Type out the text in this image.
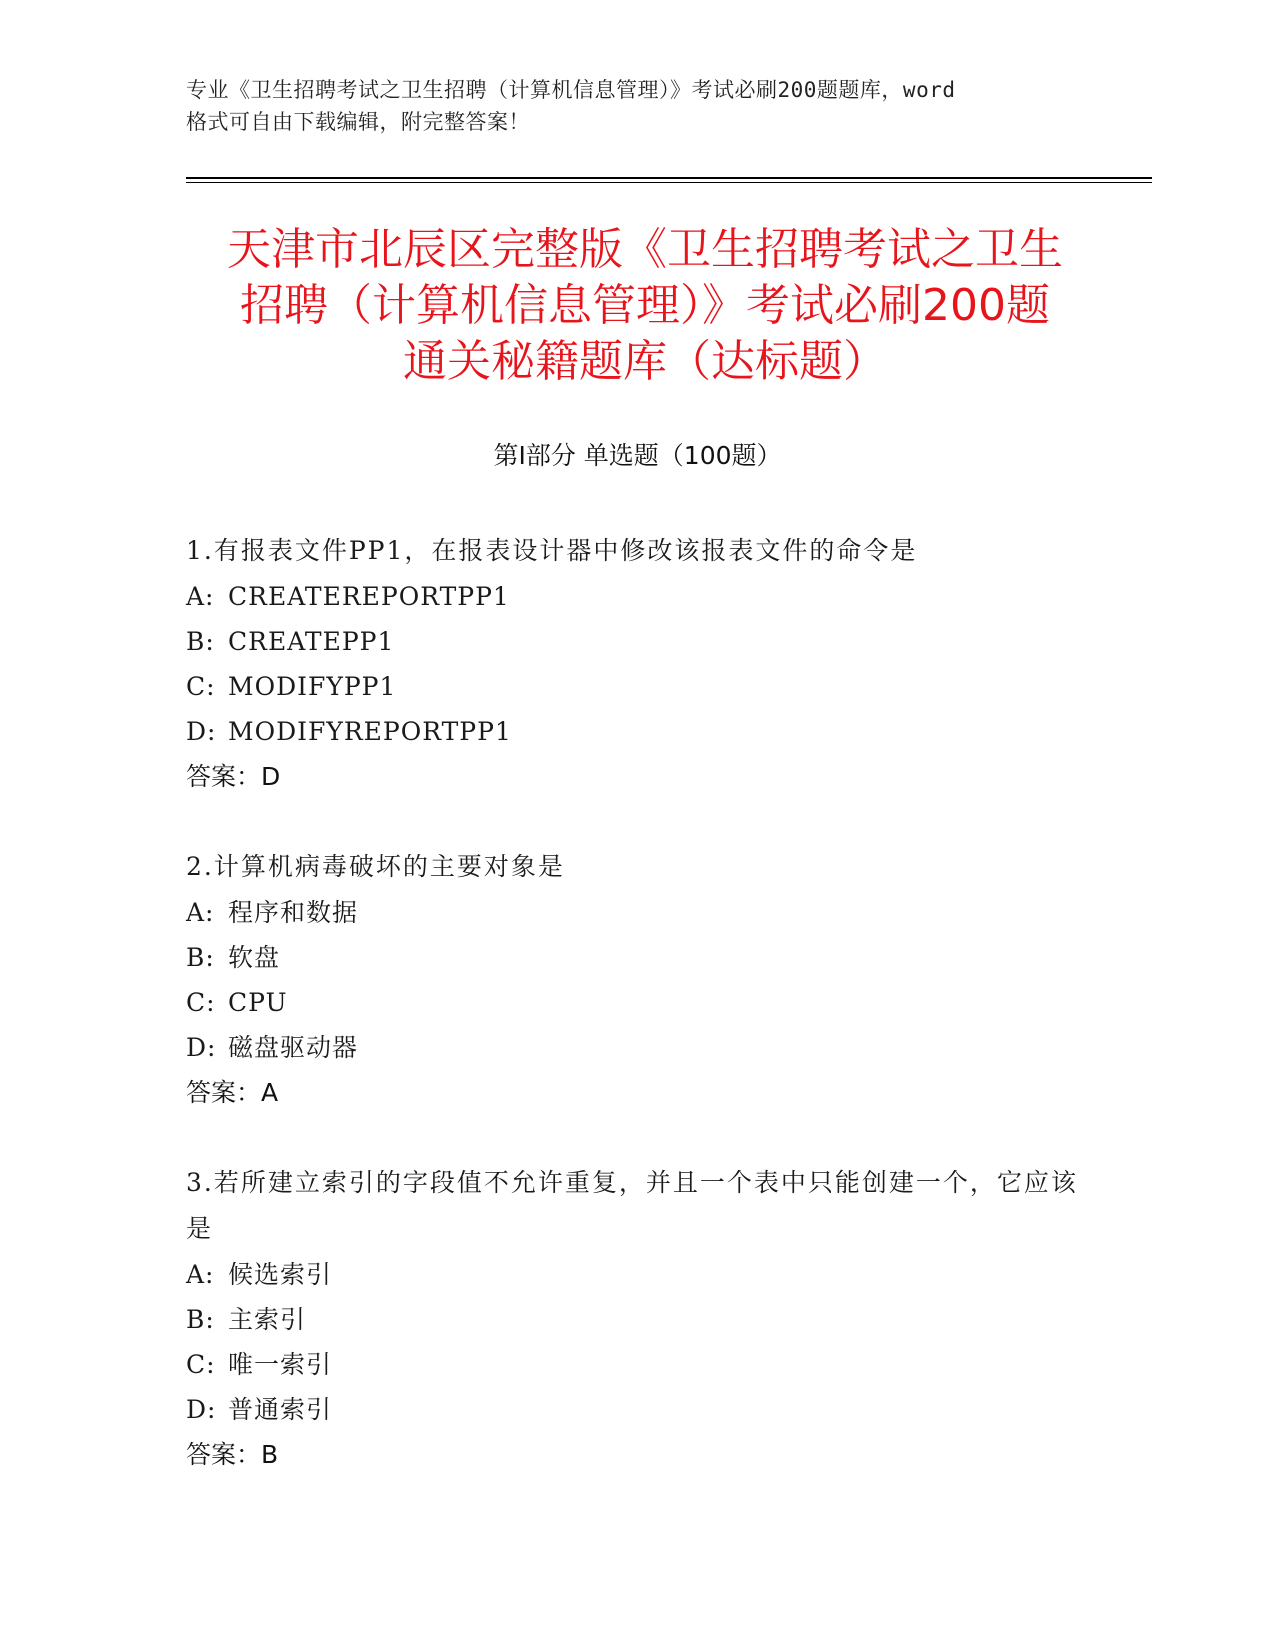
专业《卫生招聘考试之卫生招聘（计算机信息管理）》考试必刷200题题库，word
格式可自由下载编辑，附完整答案！
天津市北辰区完整版《卫生招聘考试之卫生
招聘（计算机信息管理）》考试必刷200题
通关秘籍题库（达标题）
第Ⅰ部分 单选题（100题）

1.有报表文件PP1，在报表设计器中修改该报表文件的命令是

A: CREATEREPORTPP1

B: CREATEPP1

C: MODIFYPP1

D: MODIFYREPORTPP1

答案：D

2.计算机病毒破坏的主要对象是

A: 程序和数据

B: 软盘

C: CPU

D: 磁盘驱动器

答案：A

3.若所建立索引的字段值不允许重复，并且一个表中只能创建一个，它应该是

A: 候选索引

B: 主索引

C: 唯一索引

D: 普通索引

答案：B
